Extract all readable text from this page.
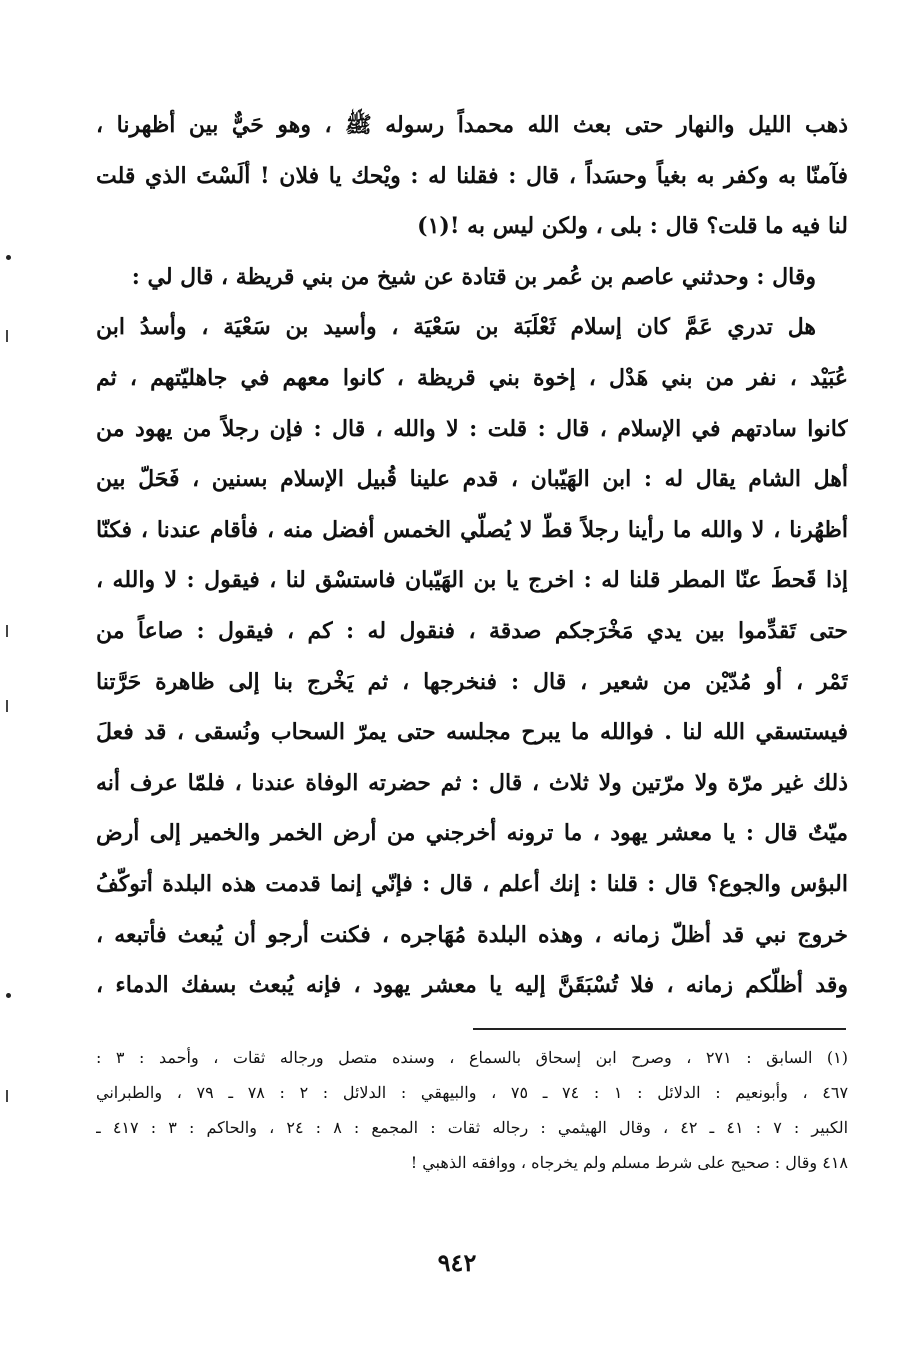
ذهب الليل والنهار حتى بعث الله محمداً رسوله ﷺ ، وهو حَيٌّ بين أظهرنا ،
فآمنّا به وكفر به بغياً وحسَداً ، قال : فقلنا له : ويْحك يا فلان ! ألَسْتَ الذي قلت
لنا فيه ما قلت؟ قال : بلى ، ولكن ليس به !(١)
وقال : وحدثني عاصم بن عُمر بن قتادة عن شيخ من بني قريظة ، قال لي :
هل تدري عَمَّ كان إسلام ثَعْلَبَة بن سَعْيَة ، وأسيد بن سَعْيَة ، وأسدُ ابن
عُبَيْد ، نفر من بني هَدْل ، إخوة بني قريظة ، كانوا معهم في جاهليّتهم ، ثم
كانوا سادتهم في الإسلام ، قال : قلت : لا والله ، قال : فإن رجلاً من يهود من
أهل الشام يقال له : ابن الهَيّبان ، قدم علينا قُبيل الإسلام بسنين ، فَحَلّ بين
أظهُرنا ، لا والله ما رأينا رجلاً قطّ لا يُصلّي الخمس أفضل منه ، فأقام عندنا ، فكنّا
إذا قَحطَ عنّا المطر قلنا له : اخرج يا بن الهَيّبان فاستسْق لنا ، فيقول : لا والله ،
حتى تَقدِّموا بين يدي مَخْرَجكم صدقة ، فنقول له : كم ، فيقول : صاعاً من
تَمْر ، أو مُدّيْن من شعير ، قال : فنخرجها ، ثم يَخْرج بنا إلى ظاهرة حَرَّتنا
فيستسقي الله لنا . فوالله ما يبرح مجلسه حتى يمرّ السحاب ونُسقى ، قد فعلَ
ذلك غير مرّة ولا مرّتين ولا ثلاث ، قال : ثم حضرته الوفاة عندنا ، فلمّا عرف أنه
ميّتٌ قال : يا معشر يهود ، ما ترونه أخرجني من أرض الخمر والخمير إلى أرض
البؤس والجوع؟ قال : قلنا : إنك أعلم ، قال : فإنّي إنما قدمت هذه البلدة أتوكّفُ
خروج نبي قد أظلّ زمانه ، وهذه البلدة مُهَاجره ، فكنت أرجو أن يُبعث فأتبعه ،
وقد أظلّكم زمانه ، فلا تُسْبَقَنَّ إليه يا معشر يهود ، فإنه يُبعث بسفك الدماء ،
(١) السابق : ٢٧١ ، وصرح ابن إسحاق بالسماع ، وسنده متصل ورجاله ثقات ، وأحمد : ٣ :
٤٦٧ ، وأبونعيم : الدلائل : ١ : ٧٤ ـ ٧٥ ، والبيهقي : الدلائل : ٢ : ٧٨ ـ ٧٩ ، والطبراني
الكبير : ٧ : ٤١ ـ ٤٢ ، وقال الهيثمي : رجاله ثقات : المجمع : ٨ : ٢٤ ، والحاكم : ٣ : ٤١٧ ـ
٤١٨ وقال : صحيح على شرط مسلم ولم يخرجاه ، ووافقه الذهبي !
٩٤٢
